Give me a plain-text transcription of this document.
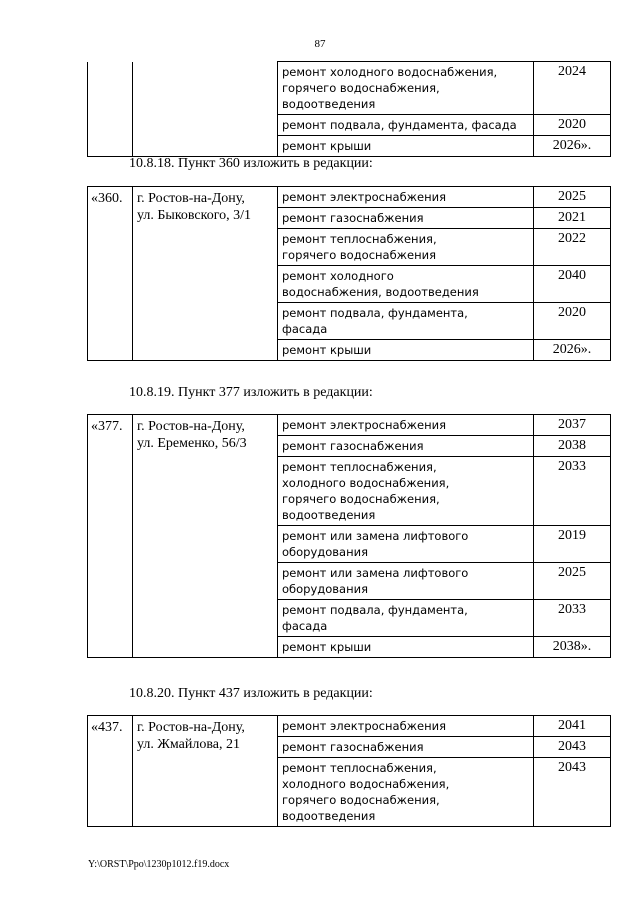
87
		ремонт холодного водоснабжения,
горячего водоснабжения, водоотведения	2024
		ремонт подвала, фундамента, фасада	2020
		ремонт крыши	2026».
10.8.18. Пункт 360 изложить в редакции:
«360.	г. Ростов-на-Дону,
ул. Быковского, 3/1	ремонт электроснабжения	2025
		ремонт газоснабжения	2021
		ремонт теплоснабжения,
горячего водоснабжения	2022
		ремонт холодного
водоснабжения, водоотведения	2040
		ремонт подвала, фундамента,
фасада	2020
		ремонт крыши	2026».
10.8.19. Пункт 377 изложить в редакции:
«377.	г. Ростов-на-Дону,
ул. Еременко, 56/3	ремонт электроснабжения	2037
		ремонт газоснабжения	2038
		ремонт теплоснабжения,
холодного водоснабжения,
горячего водоснабжения,
водоотведения	2033
		ремонт или замена лифтового
оборудования	2019
		ремонт или замена лифтового
оборудования	2025
		ремонт подвала, фундамента,
фасада	2033
		ремонт крыши	2038».
10.8.20. Пункт 437 изложить в редакции:
«437.	г. Ростов-на-Дону,
ул. Жмайлова, 21	ремонт электроснабжения	2041
		ремонт газоснабжения	2043
		ремонт теплоснабжения,
холодного водоснабжения,
горячего водоснабжения,
водоотведения	2043
Y:\ORST\Ppo\1230p1012.f19.docx
